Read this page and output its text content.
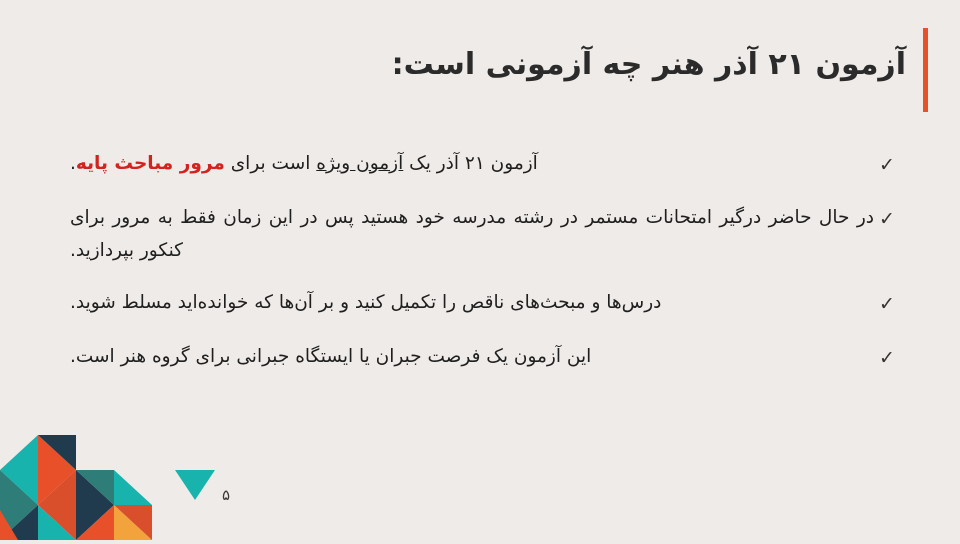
آزمون ۲۱ آذر هنر چه آزمونی است:
✓
آزمون ۲۱ آذر یک آزمون ویژه است برای مرور مباحث پایه.
✓
در حال حاضر درگیر امتحانات مستمر در رشته مدرسه خود هستید پس در این زمان فقط به مرور برای کنکور بپردازید.
✓
درس‌ها و مبحث‌های ناقص را تکمیل کنید و بر آن‌ها که خوانده‌اید مسلط شوید.
✓
این آزمون یک فرصت جبران یا ایستگاه جبرانی برای گروه هنر است.
۵
